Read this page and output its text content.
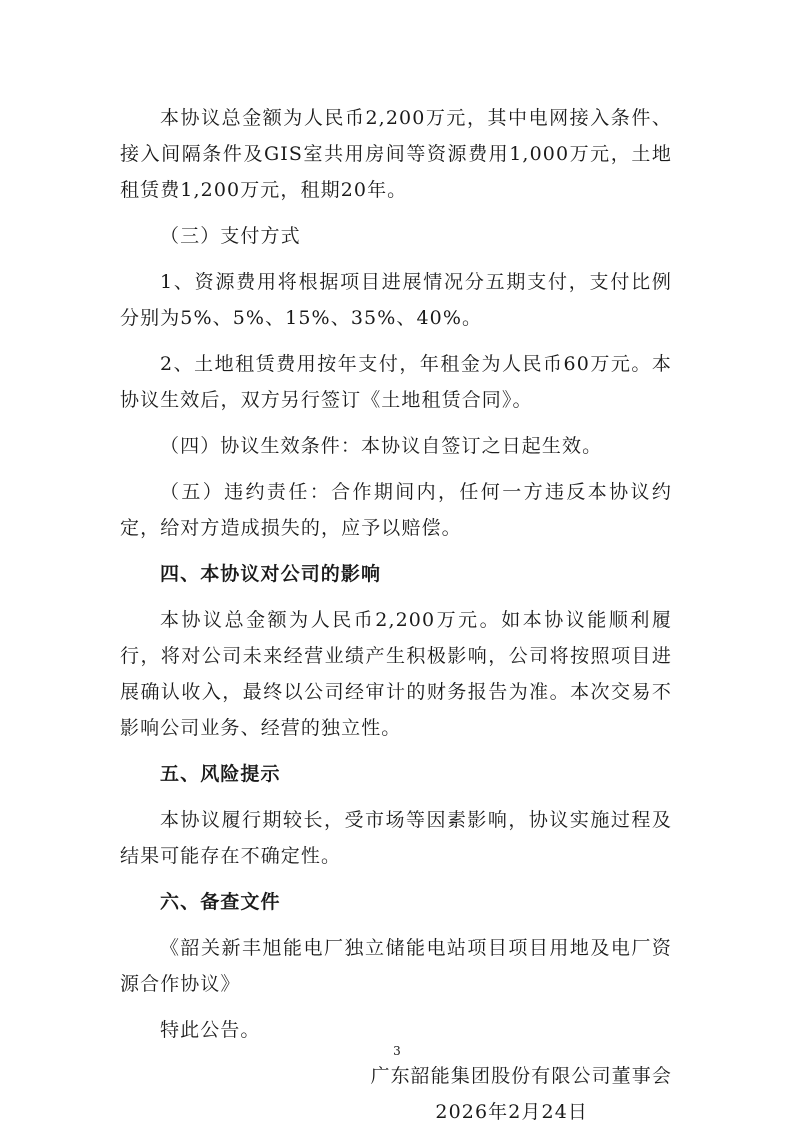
本协议总金额为人民币2,200万元，其中电网接入条件、接入间隔条件及GIS室共用房间等资源费用1,000万元，土地租赁费1,200万元，租期20年。

（三）支付方式

1、资源费用将根据项目进展情况分五期支付，支付比例分别为5%、5%、15%、35%、40%。

2、土地租赁费用按年支付，年租金为人民币60万元。本协议生效后，双方另行签订《土地租赁合同》。

（四）协议生效条件：本协议自签订之日起生效。

（五）违约责任：合作期间内，任何一方违反本协议约定，给对方造成损失的，应予以赔偿。

四、本协议对公司的影响

本协议总金额为人民币2,200万元。如本协议能顺利履行，将对公司未来经营业绩产生积极影响，公司将按照项目进展确认收入，最终以公司经审计的财务报告为准。本次交易不影响公司业务、经营的独立性。

五、风险提示

本协议履行期较长，受市场等因素影响，协议实施过程及结果可能存在不确定性。

六、备查文件

《韶关新丰旭能电厂独立储能电站项目项目用地及电厂资源合作协议》

特此公告。

广东韶能集团股份有限公司董事会

2026年2月24日

3
